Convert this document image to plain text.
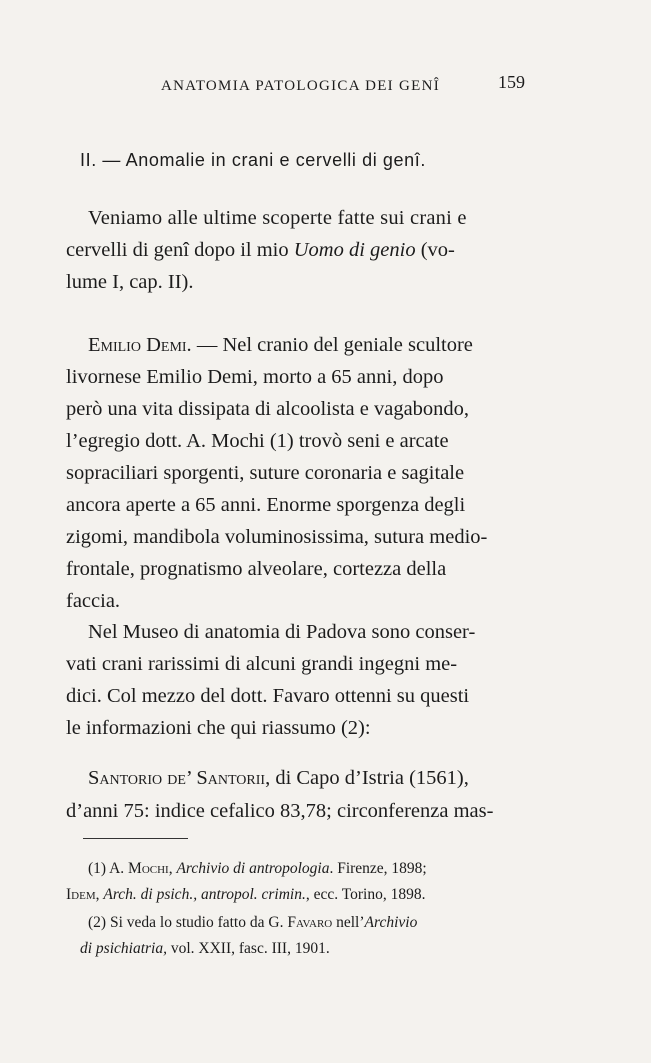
ANATOMIA PATOLOGICA DEI GENÎ	159
II. — Anomalie in crani e cervelli di genî.
Veniamo alle ultime scoperte fatte sui crani e
cervelli di genî dopo il mio Uomo di genio (vo-
lume I, cap. II).
Emilio Demi. — Nel cranio del geniale scultore
livornese Emilio Demi, morto a 65 anni, dopo
però una vita dissipata di alcoolista e vagabondo,
l’egregio dott. A. Mochi (1) trovò seni e arcate
sopraciliari sporgenti, suture coronaria e sagitale
ancora aperte a 65 anni. Enorme sporgenza degli
zigomi, mandibola voluminosissima, sutura medio-
frontale, prognatismo alveolare, cortezza della
faccia.
Nel Museo di anatomia di Padova sono conser-
vati crani rarissimi di alcuni grandi ingegni me-
dici. Col mezzo del dott. Favaro ottenni su questi
le informazioni che qui riassumo (2):
Santorio de’ Santorii, di Capo d’Istria (1561),
d’anni 75: indice cefalico 83,78; circonferenza mas-
(1) A. Mochi, Archivio di antropologia. Firenze, 1898;
Idem, Arch. di psich., antropol. crimin., ecc. Torino, 1898.
(2) Si veda lo studio fatto da G. Favaro nell’Archivio
di psichiatria, vol. XXII, fasc. III, 1901.
